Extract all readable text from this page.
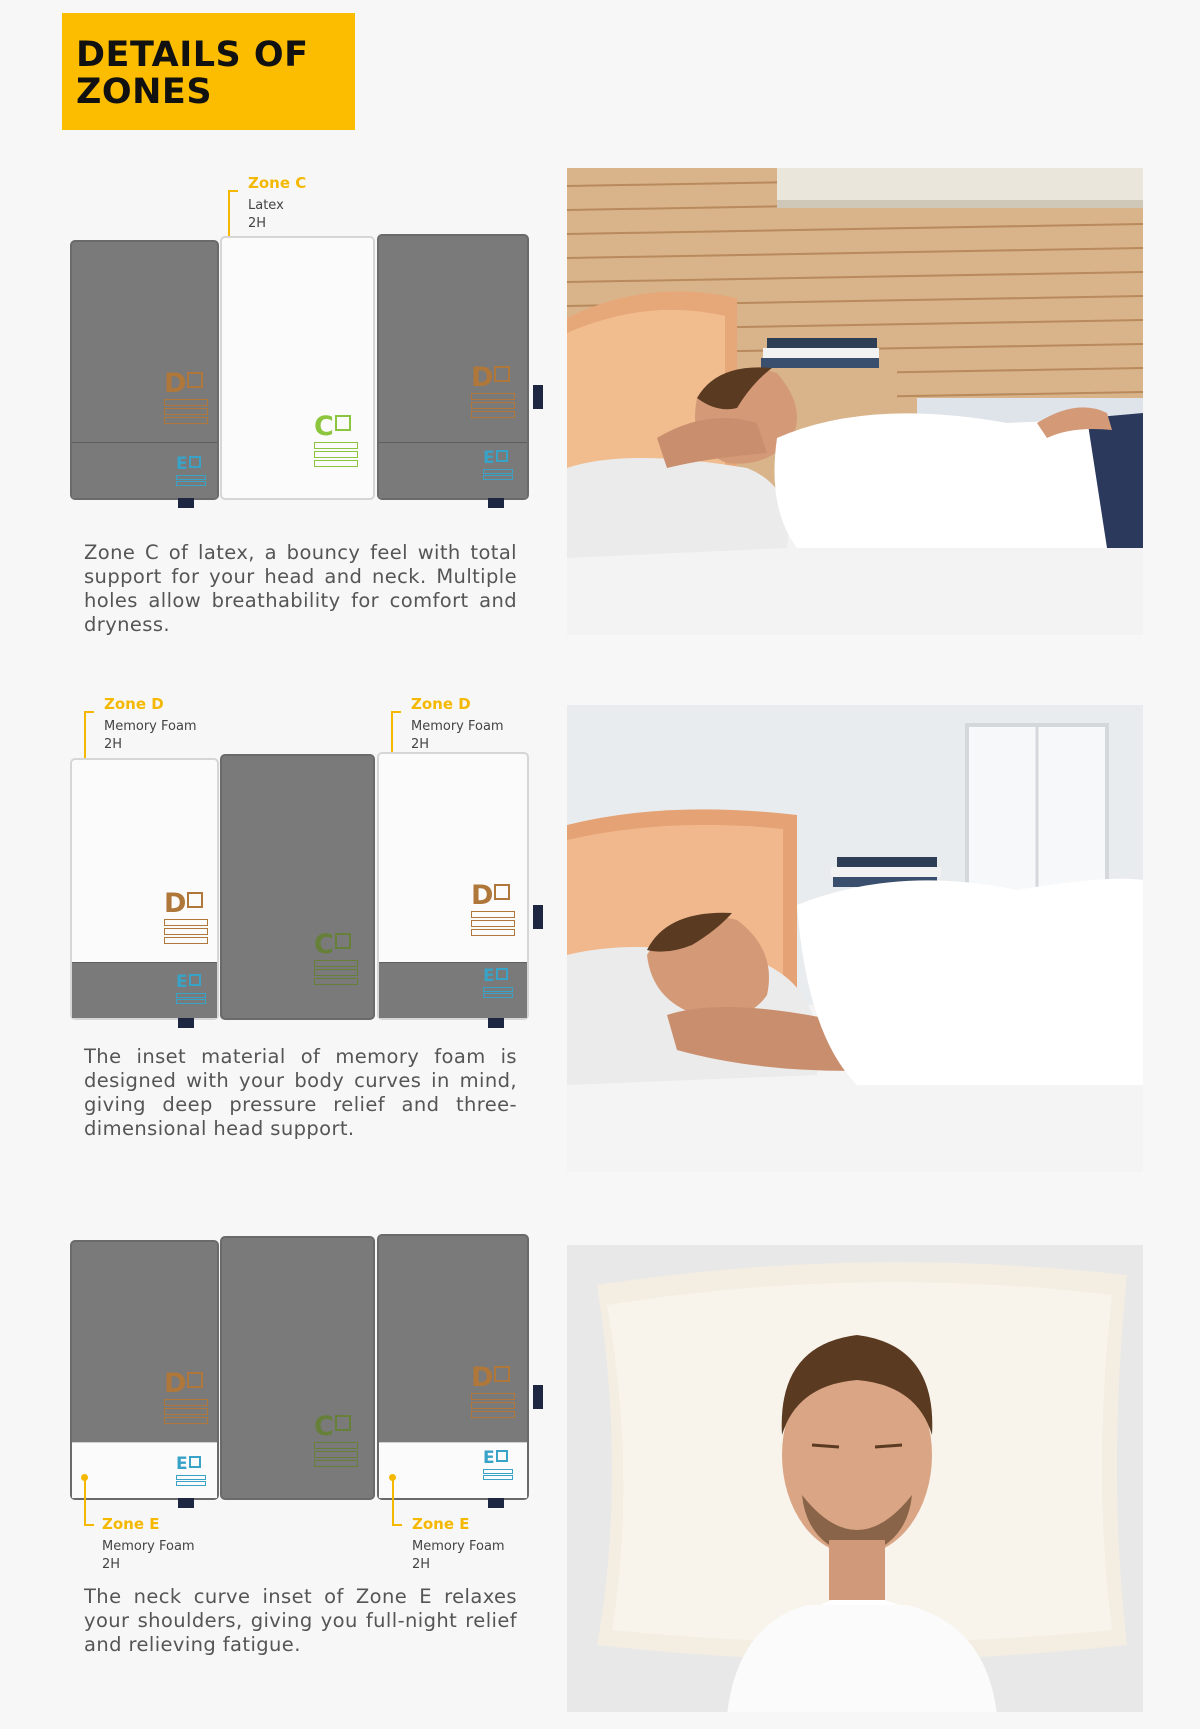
DETAILS OF ZONES
Zone C
Latex
2H
D
E
C
D
E

Zone C of latex, a bouncy feel with total support for your head and neck. Multiple holes allow breathability for comfort and dryness.

Zone D
Memory Foam
2H
Zone D
Memory Foam
2H
D
E
C
D
E

The inset material of memory foam is designed with your body curves in mind, giving deep pressure relief and three-dimensional head support.

D
E
C
D
E
Zone E
Memory Foam
2H
Zone E
Memory Foam
2H

The neck curve inset of Zone E relaxes your shoulders, giving you full-night relief and relieving fatigue.
